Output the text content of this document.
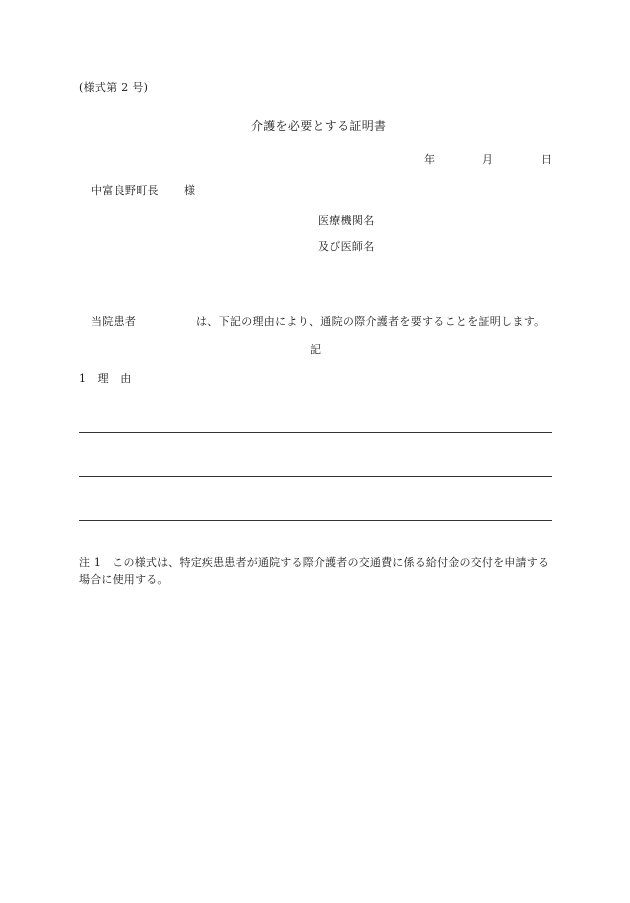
(様式第 2 号)
介護を必要とする証明書
年	月	日
中富良野町長 様
医療機関名
及び医師名
当院患者	は、下記の理由により、通院の際介護者を要することを証明します。
記
1　理　由
注 1　この様式は、特定疾患患者が通院する際介護者の交通費に係る給付金の交付を申請する場合に使用する。
